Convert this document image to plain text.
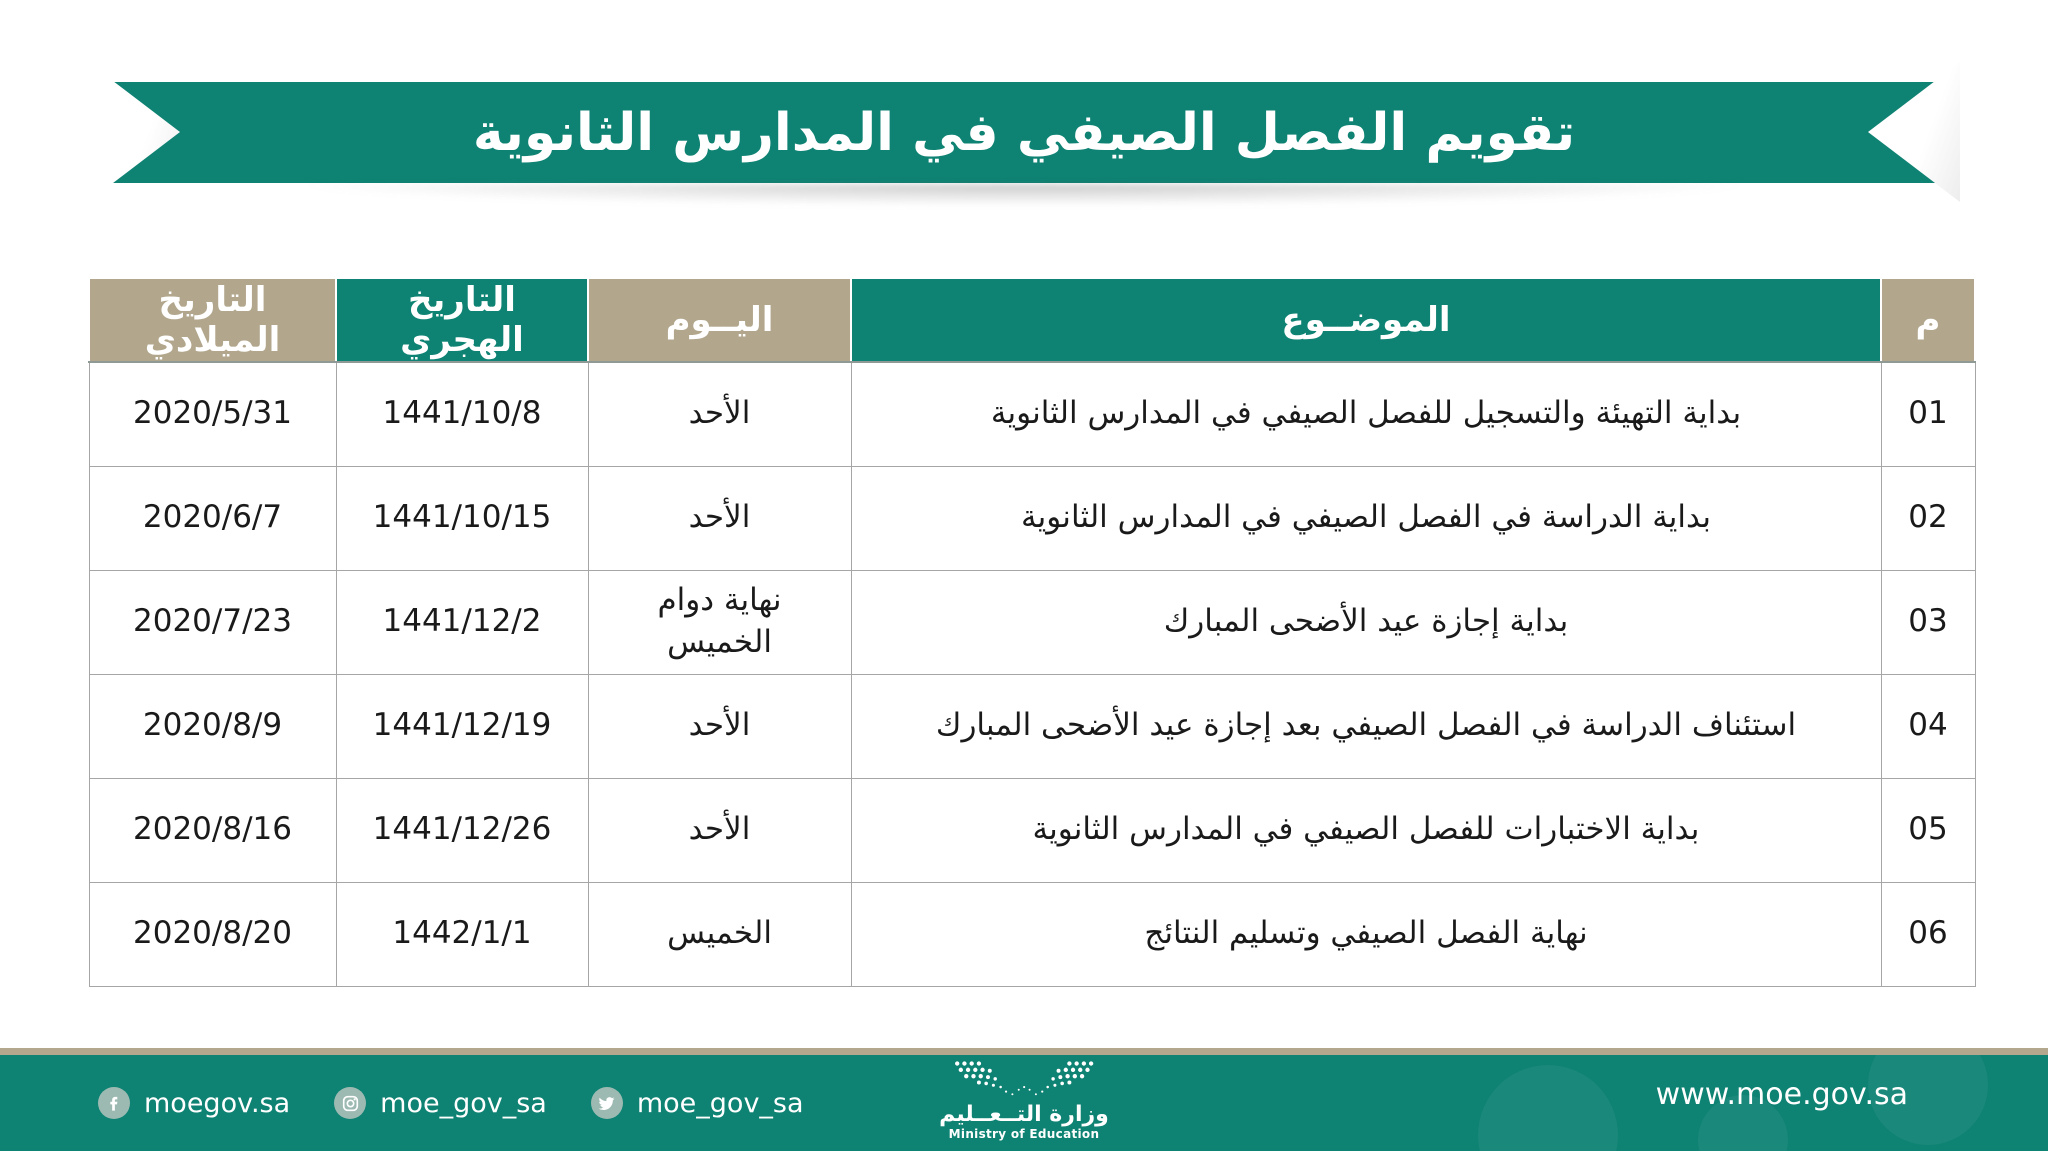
تقويم الفصل الصيفي في المدارس الثانوية
م	الموضــوع	اليــوم	التاريخ الهجري	التاريخ الميلادي
01	بداية التهيئة والتسجيل للفصل الصيفي في المدارس الثانوية	الأحد	1441/10/8	2020/5/31
02	بداية الدراسة في الفصل الصيفي في المدارس الثانوية	الأحد	1441/10/15	2020/6/7
03	بداية إجازة عيد الأضحى المبارك	نهاية دوام الخميس	1441/12/2	2020/7/23
04	استئناف الدراسة في الفصل الصيفي بعد إجازة عيد الأضحى المبارك	الأحد	1441/12/19	2020/8/9
05	بداية الاختبارات للفصل الصيفي في المدارس الثانوية	الأحد	1441/12/26	2020/8/16
06	نهاية الفصل الصيفي وتسليم النتائج	الخميس	1442/1/1	2020/8/20
moegov.sa	moe_gov_sa	moe_gov_sa	وزارة التــعــليم
Ministry of Education
www.moe.gov.sa
